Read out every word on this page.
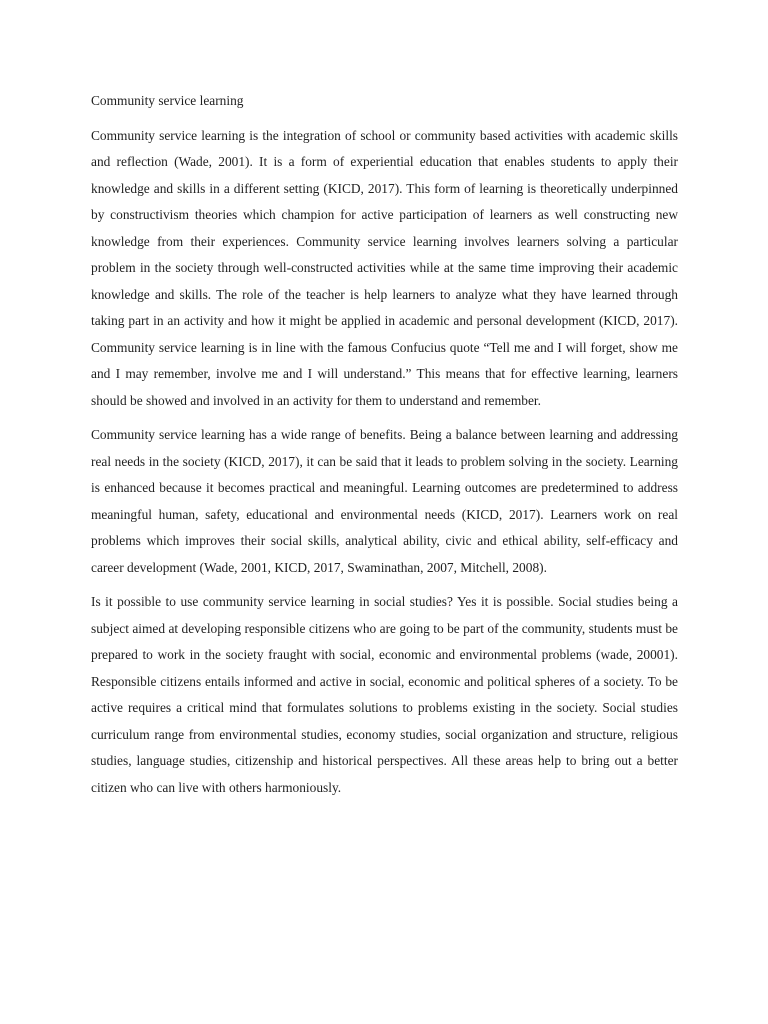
Community service learning

Community service learning is the integration of school or community based activities with academic skills and reflection (Wade, 2001). It is a form of experiential education that enables students to apply their knowledge and skills in a different setting (KICD, 2017). This form of learning is theoretically underpinned by constructivism theories which champion for active participation of learners as well constructing new knowledge from their experiences. Community service learning involves learners solving a particular problem in the society through well-constructed activities while at the same time improving their academic knowledge and skills. The role of the teacher is help learners to analyze what they have learned through taking part in an activity and how it might be applied in academic and personal development (KICD, 2017). Community service learning is in line with the famous Confucius quote “Tell me and I will forget, show me and I may remember, involve me and I will understand.” This means that for effective learning, learners should be showed and involved in an activity for them to understand and remember.

Community service learning has a wide range of benefits. Being a balance between learning and addressing real needs in the society (KICD, 2017), it can be said that it leads to problem solving in the society. Learning is enhanced because it becomes practical and meaningful. Learning outcomes are predetermined to address meaningful human, safety, educational and environmental needs (KICD, 2017). Learners work on real problems which improves their social skills, analytical ability, civic and ethical ability, self-efficacy and career development (Wade, 2001, KICD, 2017, Swaminathan, 2007, Mitchell, 2008).

Is it possible to use community service learning in social studies? Yes it is possible. Social studies being a subject aimed at developing responsible citizens who are going to be part of the community, students must be prepared to work in the society fraught with social, economic and environmental problems (wade, 20001). Responsible citizens entails informed and active in social, economic and political spheres of a society. To be active requires a critical mind that formulates solutions to problems existing in the society. Social studies curriculum range from environmental studies, economy studies, social organization and structure, religious studies, language studies, citizenship and historical perspectives. All these areas help to bring out a better citizen who can live with others harmoniously.
